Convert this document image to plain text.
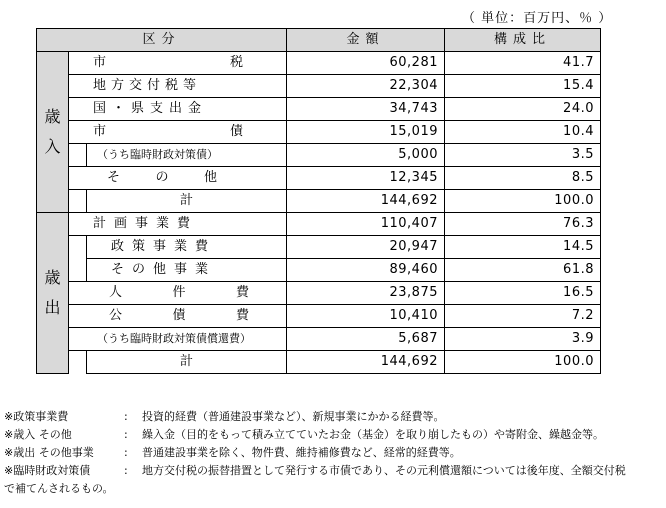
（ 単位：百万円、％ ）
区分			金額	構成比

歳
入	市 税		60,281	41.7
	地方交付税等		22,304	15.4
	国・県支出金		34,743	24.0

	市 債		15,019	10.4
		（うち臨時財政対策債）	5,000	3.5

	そ の 他		12,345	8.5
		計	144,692	100.0

歳
出	計画事業費		110,407	76.3
		政策事業費	20,947	14.5
		その他事業	89,460	61.8

	人 件 費		23,875	16.5

	公 債 費		10,410	7.2
	（うち臨時財政対策債償還費）		5,687	3.9
		計	144,692	100.0
※政策事業費	:	投資的経費（普通建設事業など）、新規事業にかかる経費等。
※歳入 その他	:	繰入金（目的をもって積み立てていたお金（基金）を取り崩したもの）や寄附金、繰越金等。
※歳出 その他事業	:	普通建設事業を除く、物件費、維持補修費など、経常的経費等。
※臨時財政対策債	:	地方交付税の振替措置として発行する市債であり、その元利償還額については後年度、全額交付税
で補てんされるもの。
